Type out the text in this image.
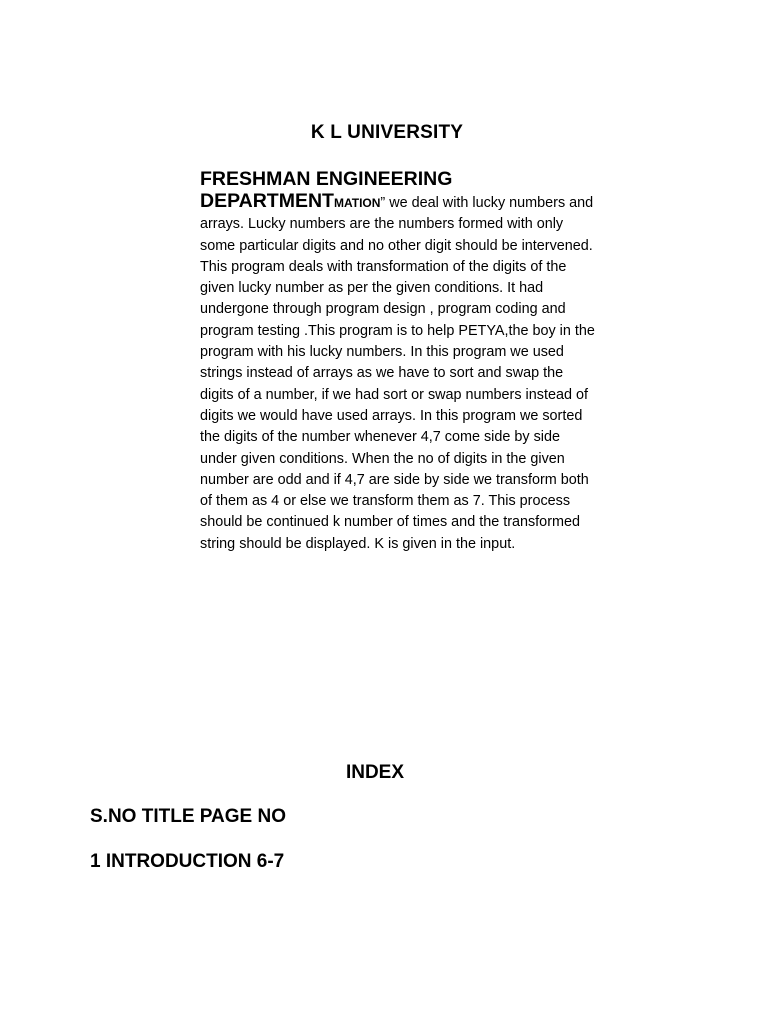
K L UNIVERSITY
FRESHMAN ENGINEERING
DEPARTMENTMATION” we deal with lucky numbers and arrays. Lucky numbers are the numbers formed with only some particular digits and no other digit should be intervened. This program deals with transformation of the digits of the given lucky number as per the given conditions. It had undergone through program design , program coding and program testing .This program is to help PETYA,the boy in the program with his lucky numbers. In this program we used strings instead of arrays as we have to sort and swap the digits of a number, if we had sort or swap numbers instead of digits we would have used arrays. In this program we sorted the digits of the number whenever 4,7 come side by side under given conditions. When the no of digits in the given number are odd and if 4,7 are side by side we transform both of them as 4 or else we transform them as 7. This process should be continued k number of times and the transformed string should be displayed. K is given in the input.
INDEX
S.NO TITLE PAGE NO
1 INTRODUCTION 6-7
